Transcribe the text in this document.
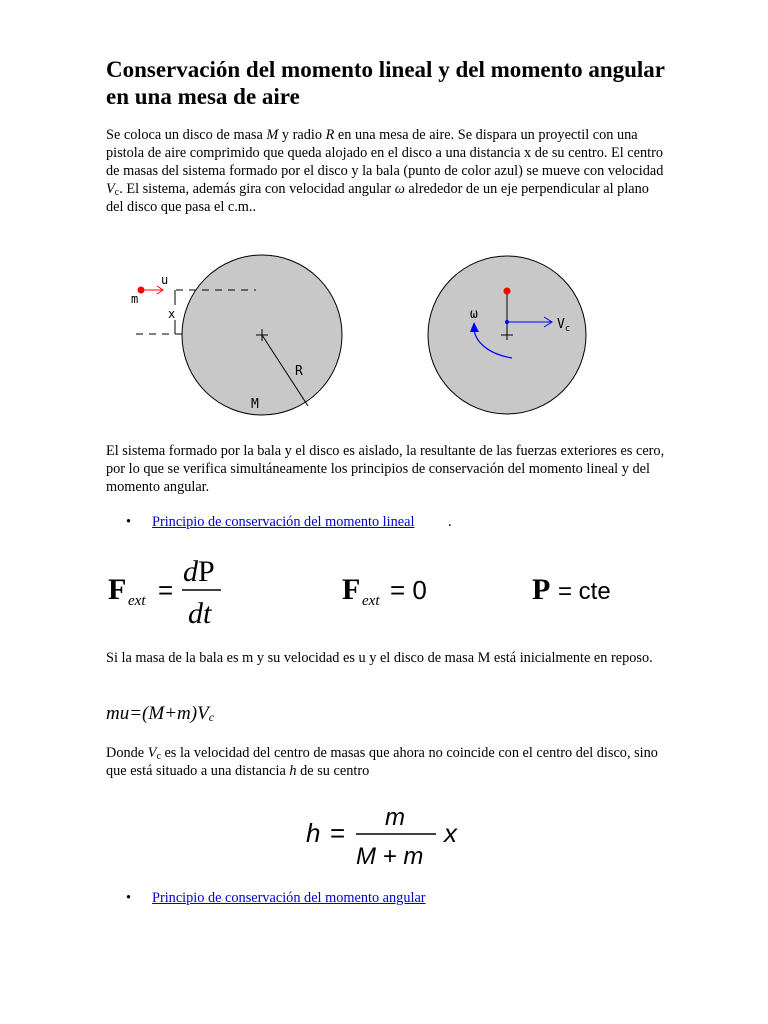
Conservación del momento lineal y del momento angular en una mesa de aire

Se coloca un disco de masa M y radio R en una mesa de aire. Se dispara un proyectil con una pistola de aire comprimido que queda alojado en el disco a una distancia x de su centro. El centro de masas del sistema formado por el disco y la bala (punto de color azul) se mueve con velocidad $V_c$. El sistema, además gira con velocidad angular ω alrededor de un eje perpendicular al plano del disco que pasa el c.m..

x
u
m
R
M
$V_c$
ω

El sistema formado por la bala y el disco es aislado, la resultante de las fuerzas exteriores es cero, por lo que se verifica simultáneamente los principios de conservación del momento lineal y del momento angular.

• Principio de conservación del momento lineal .
F ext =
dP
dt
F ext = 0	P = cte

Si la masa de la bala es m y su velocidad es u y el disco de masa M está inicialmente en reposo.

$mu=(M+m)V_c$

Donde $V_c$ es la velocidad del centro de masas que ahora no coincide con el centro del disco, sino que está situado a una distancia h de su centro

h =
m
M + m
x
• Principio de conservación del momento angular
